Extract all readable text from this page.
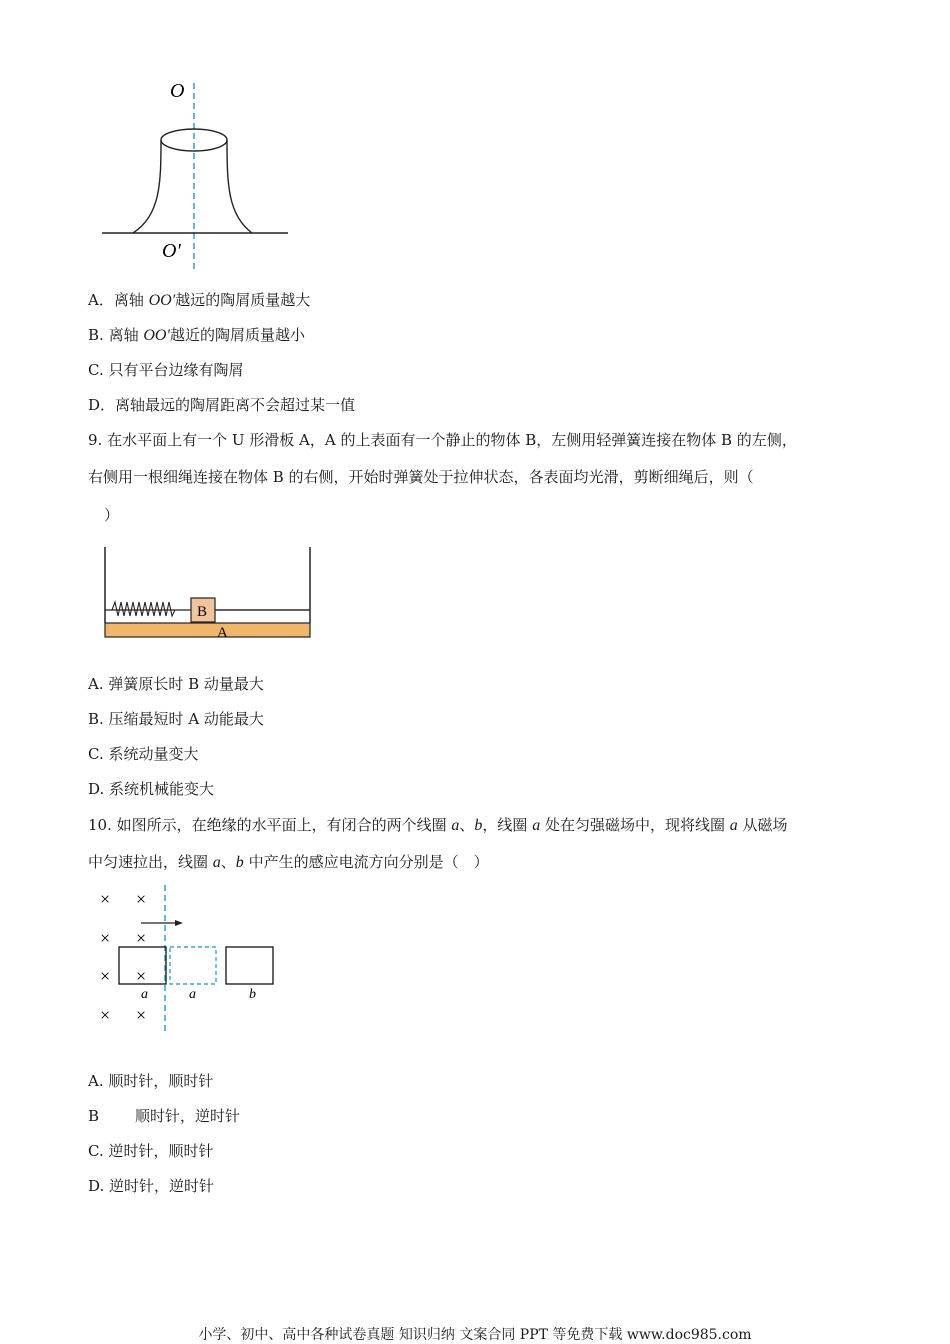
O
O′
A．离轴 OO′越远的陶屑质量越大
B. 离轴 OO′越近的陶屑质量越小
C. 只有平台边缘有陶屑
D．离轴最远的陶屑距离不会超过某一值
9. 在水平面上有一个 U 形滑板 A，A 的上表面有一个静止的物体 B，左侧用轻弹簧连接在物体 B 的左侧，
右侧用一根细绳连接在物体 B 的右侧，开始时弹簧处于拉伸状态，各表面均光滑，剪断细绳后，则（
）
B
A
A. 弹簧原长时 B 动量最大
B. 压缩最短时 A 动能最大
C. 系统动量变大
D. 系统机械能变大
10. 如图所示，在绝缘的水平面上，有闭合的两个线圈 a、b，线圈 a 处在匀强磁场中，现将线圈 a 从磁场
中匀速拉出，线圈 a、b 中产生的感应电流方向分别是（　）
× ×
× ×
× ×
× ×
a	a	b
A. 顺时针，顺时针
B 顺时针，逆时针
C. 逆时针，顺时针
D. 逆时针，逆时针
小学、初中、高中各种试卷真题 知识归纳 文案合同 PPT 等免费下载 www.doc985.com
